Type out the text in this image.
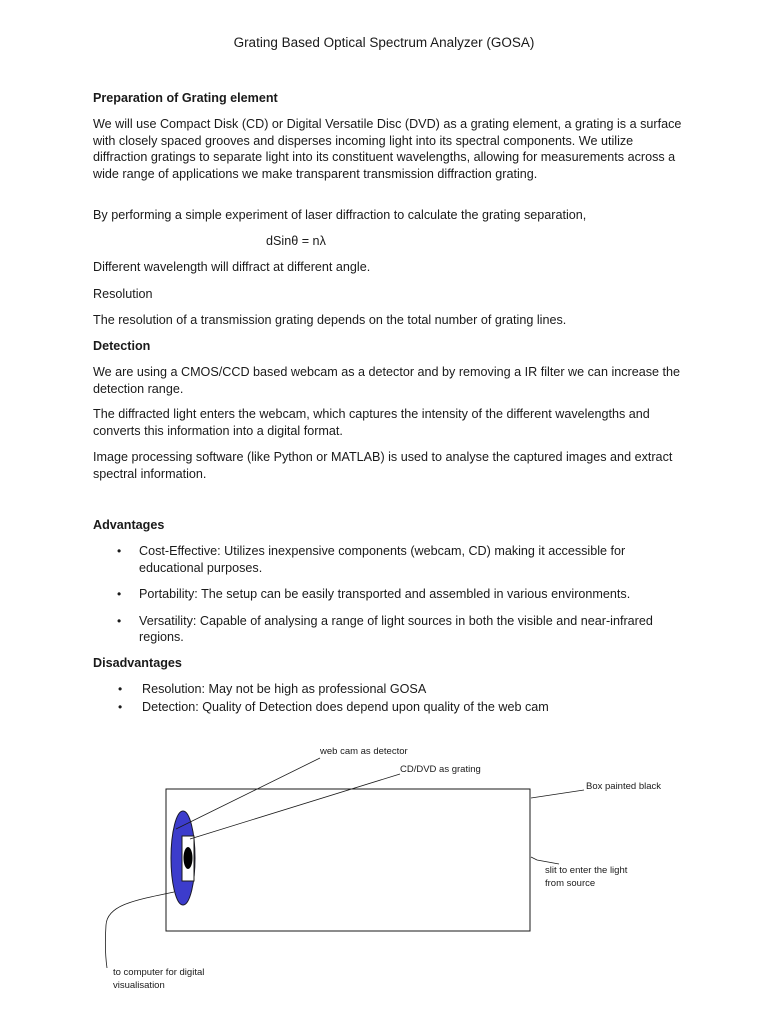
Grating Based Optical Spectrum Analyzer (GOSA)

Preparation of Grating element

We will use Compact Disk (CD) or Digital Versatile Disc (DVD) as a grating element, a grating is a surface with closely spaced grooves and disperses incoming light into its spectral components. We utilize diffraction gratings to separate light into its constituent wavelengths, allowing for measurements across a wide range of applications we make transparent transmission diffraction grating.

By performing a simple experiment of laser diffraction to calculate the grating separation,

dSinθ = nλ

Different wavelength will diffract at different angle.

Resolution

The resolution of a transmission grating depends on the total number of grating lines.

Detection

We are using a CMOS/CCD based webcam as a detector and by removing a IR filter we can increase the detection range.

The diffracted light enters the webcam, which captures the intensity of the different wavelengths and converts this information into a digital format.

Image processing software (like Python or MATLAB) is used to analyse the captured images and extract spectral information.

Advantages

• Cost-Effective: Utilizes inexpensive components (webcam, CD) making it accessible for educational purposes.
• Portability: The setup can be easily transported and assembled in various environments.
• Versatility: Capable of analysing a range of light sources in both the visible and near-infrared regions.

Disadvantages

• Resolution: May not be high as professional GOSA
• Detection: Quality of Detection does depend upon quality of the web cam
web cam as detector
CD/DVD as grating
Box painted black
slit to enter the light
from source
to computer for digital
visualisation
